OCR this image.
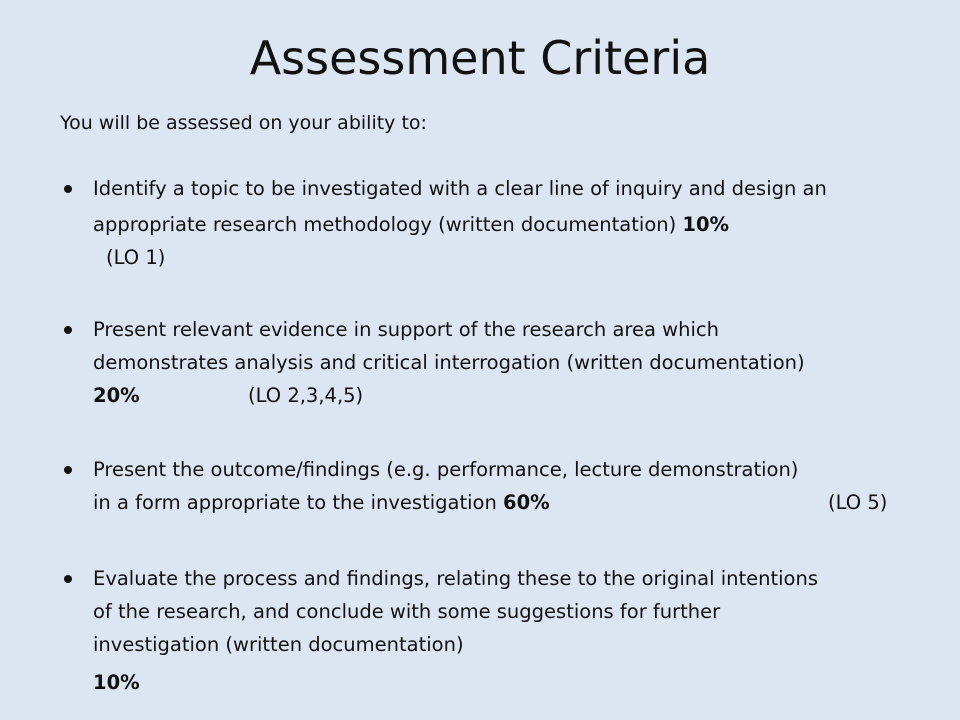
Assessment Criteria
You will be assessed on your ability to:
Identify a topic to be investigated with a clear line of inquiry and design an
appropriate research methodology (written documentation) 10%
(LO 1)
Present relevant evidence in support of the research area which
demonstrates analysis and critical interrogation (written documentation)
20%	(LO 2,3,4,5)
Present the outcome/findings (e.g. performance, lecture demonstration)
in a form appropriate to the investigation 60%	(LO 5)
Evaluate the process and findings, relating these to the original intentions
of the research, and conclude with some suggestions for further
investigation (written documentation)
10%
